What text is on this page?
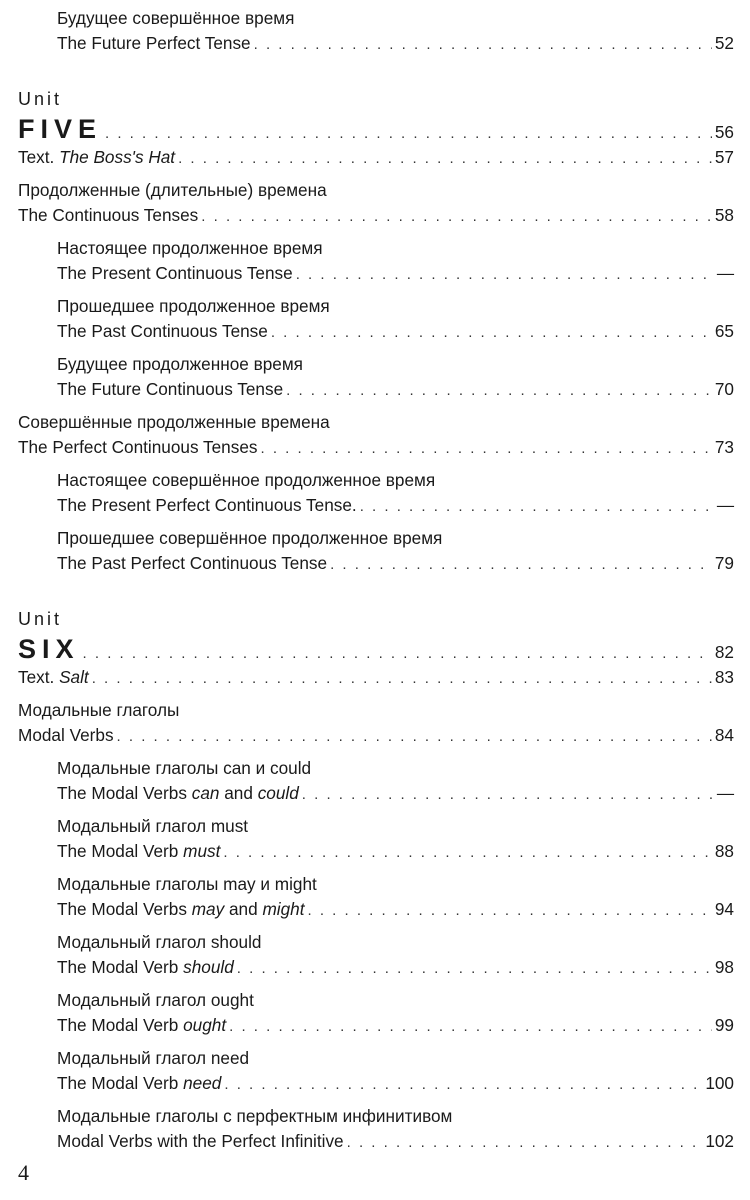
Будущее совершённое время
The Future Perfect Tense . . .	52
Unit
FIVE . . .	56
Text. The Boss's Hat . . .	57
Продолженные (длительные) времена
The Continuous Tenses . . .	58
Настоящее продолженное время
The Present Continuous Tense . . .	—
Прошедшее продолженное время
The Past Continuous Tense . . .	65
Будущее продолженное время
The Future Continuous Tense . . .	70
Совершённые продолженные времена
The Perfect Continuous Tenses . . .	73
Настоящее совершённое продолженное время
The Present Perfect Continuous Tense. . . .	—
Прошедшее совершённое продолженное время
The Past Perfect Continuous Tense . . .	79
Unit
SIX . . .	82
Text. Salt . . .	83
Модальные глаголы
Modal Verbs . . .	84
Модальные глаголы can и could
The Modal Verbs can and could . . .	—
Модальный глагол must
The Modal Verb must . . .	88
Модальные глаголы may и might
The Modal Verbs may and might . . .	94
Модальный глагол should
The Modal Verb should . . .	98
Модальный глагол ought
The Modal Verb ought . . .	99
Модальный глагол need
The Modal Verb need . . .	100
Модальные глаголы с перфектным инфинитивом
Modal Verbs with the Perfect Infinitive . . .	102
4
